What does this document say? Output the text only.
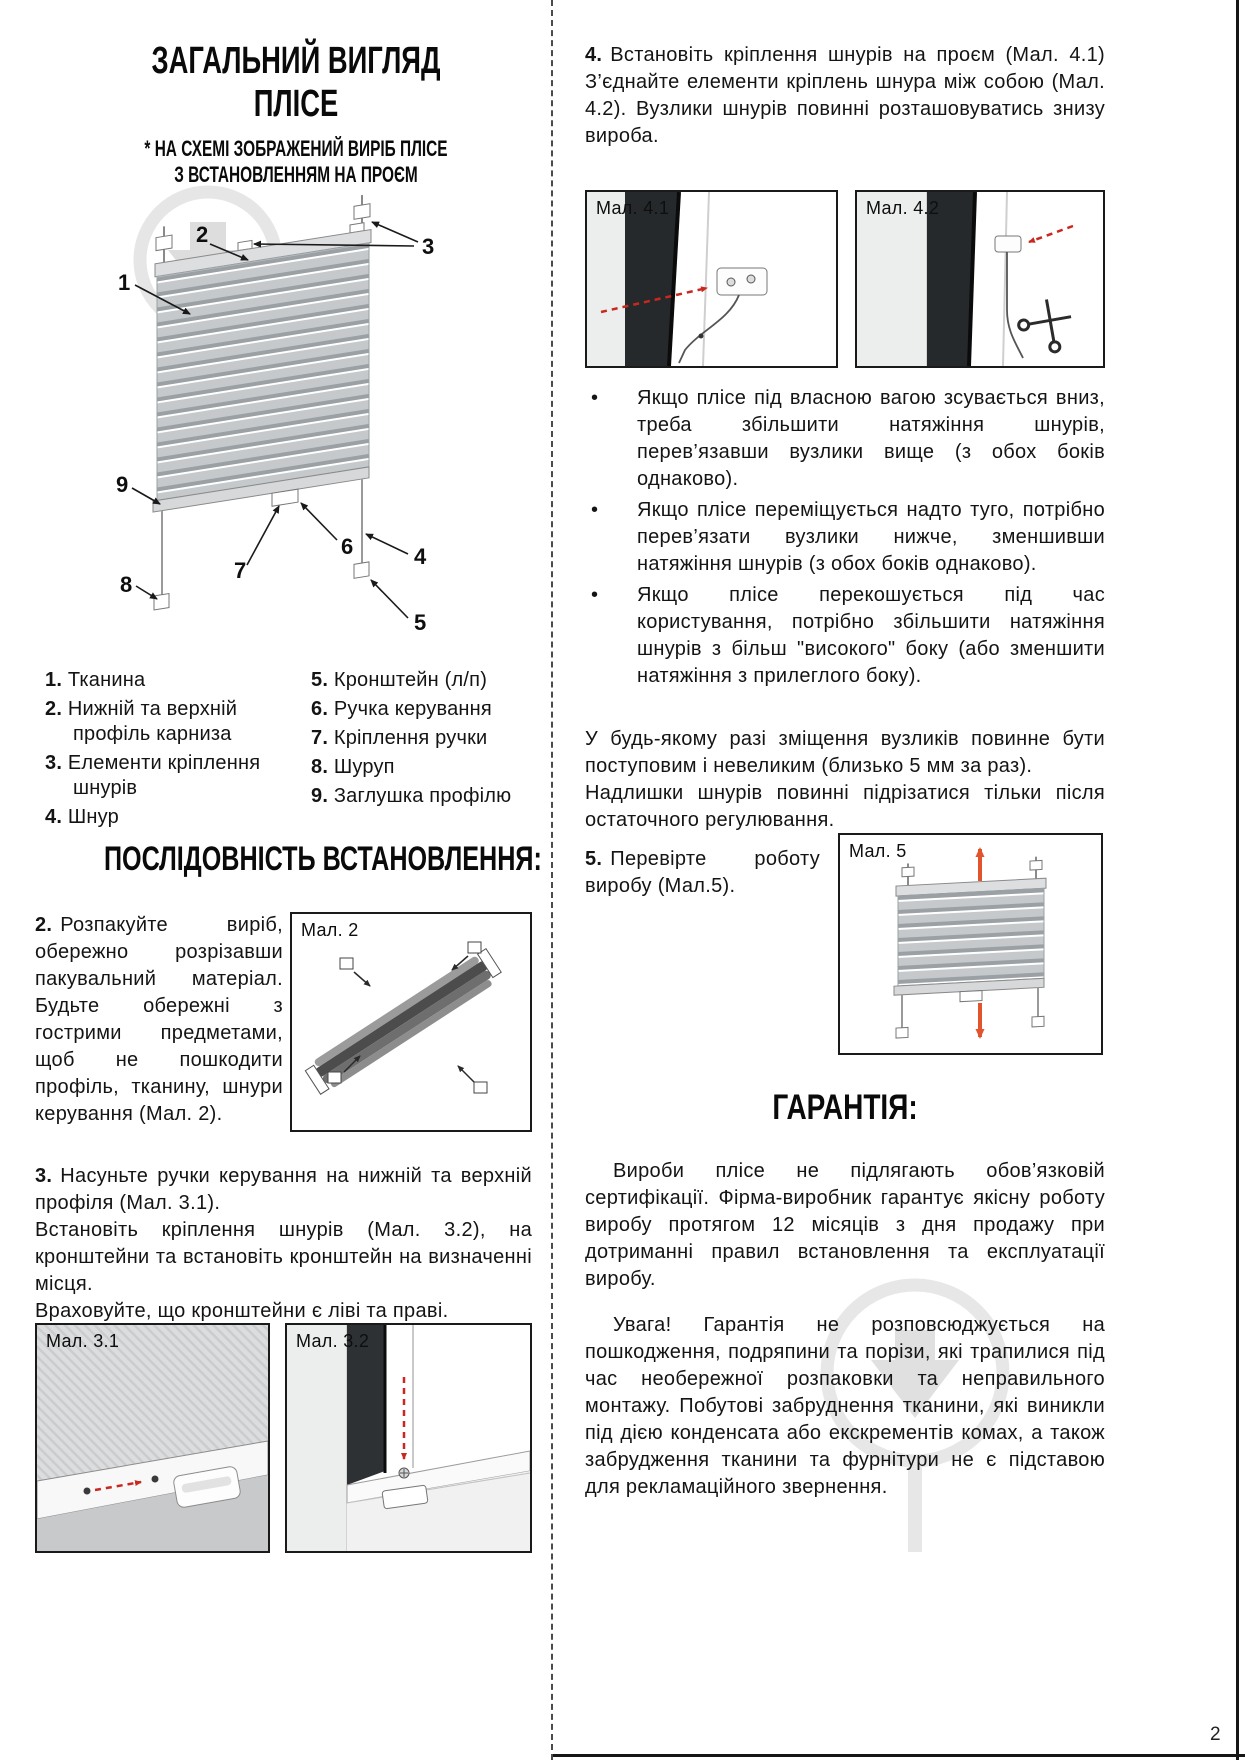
ЗАГАЛЬНИЙ ВИГЛЯД
ПЛІСЕ
* НА СХЕМІ ЗОБРАЖЕНИЙ ВИРІБ ПЛІСЕ
З ВСТАНОВЛЕННЯМ НА ПРОЄМ
1
2	3
4
5
6
7
8
9
1. Тканина
2. Нижній та верхній профіль карниза
3. Елементи кріплення шнурів
4. Шнур
5. Кронштейн (л/п)
6. Ручка керування
7. Кріплення ручки
8. Шуруп
9. Заглушка профілю
ПОСЛІДОВНІСТЬ ВСТАНОВЛЕННЯ:

2. Розпакуйте виріб, обережно розрізавши пакувальний матеріал. Будьте обережні з гострими предметами, щоб не пошкодити профіль, тканину, шнури керування (Мал. 2).

Мал. 2

3. Насуньте ручки керування на нижній та верхній профіля (Мал. 3.1).

Встановіть кріплення шнурів (Мал. 3.2), на кронштейни та встановіть кронштейн на визначенні місця.

Враховуйте, що кронштейни є ліві та праві.

Мал. 3.1	Мал. 3.2

4. Встановіть кріплення шнурів на проєм (Мал. 4.1) З’єднайте елементи кріплень шнура між собою (Мал. 4.2). Вузлики шнурів повинні розташовуватись знизу вироба.

Мал. 4.1	Мал. 4.2
• Якщо плісе під власною вагою зсувається вниз, треба збільшити натяжіння шнурів, перев’язавши вузлики вище (з обох боків однаково).
• Якщо плісе переміщується надто туго, потрібно перев’язати вузлики нижче, зменшивши натяжіння шнурів (з обох боків однаково).
• Якщо плісе перекошується під час користування, потрібно збільшити натяжіння шнурів з більш "високого" боку (або зменшити натяжіння з прилеглого боку).

У будь-якому разі зміщення вузликів повинне бути поступовим і невеликим (близько 5 мм за раз).

Надлишки шнурів повинні підрізатися тільки після остаточного регулювання.

5. Перевірте роботу виробу (Мал.5).

Мал. 5
ГАРАНТІЯ:
Вироби плісе не підлягають обов’язковій сертифікації. Фірма-виробник гарантує якісну роботу виробу протягом 12 місяців з дня продажу при дотриманні правил встановлення та експлуатації виробу.
Увага! Гарантія не розповсюджується на пошкодження, подряпини та порізи, які трапилися під час необережної розпаковки та неправильного монтажу. Побутові забруднення тканини, які виникли під дією конденсата або екскрементів комах, а також забрудження тканини та фурнітури не є підставою для рекламаційного звернення.
2
